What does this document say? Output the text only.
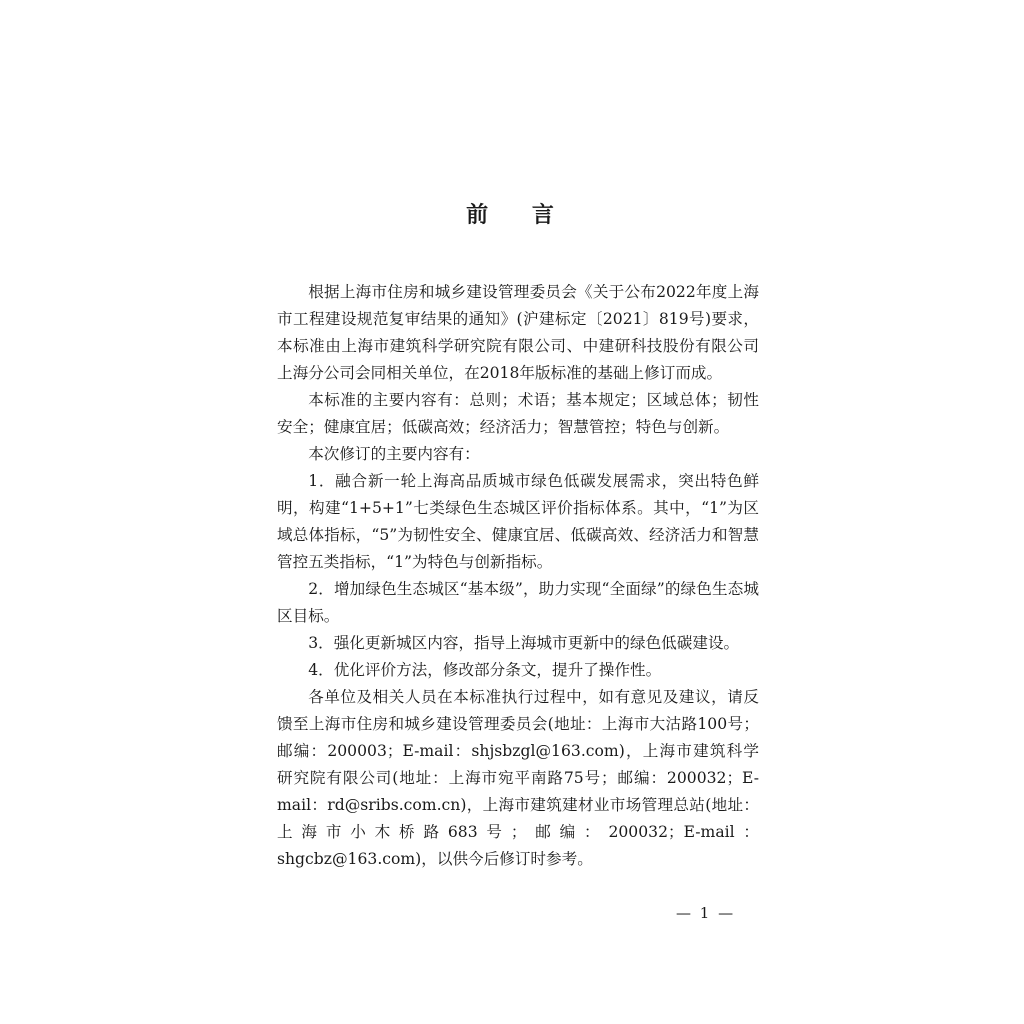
前 言

根据上海市住房和城乡建设管理委员会《关于公布2022年度上海市工程建设规范复审结果的通知》(沪建标定〔2021〕819号)要求，本标准由上海市建筑科学研究院有限公司、中建研科技股份有限公司上海分公司会同相关单位，在2018年版标准的基础上修订而成。

本标准的主要内容有：总则；术语；基本规定；区域总体；韧性安全；健康宜居；低碳高效；经济活力；智慧管控；特色与创新。

本次修订的主要内容有：

1．融合新一轮上海高品质城市绿色低碳发展需求，突出特色鲜明，构建“1+5+1”七类绿色生态城区评价指标体系。其中，“1”为区域总体指标，“5”为韧性安全、健康宜居、低碳高效、经济活力和智慧管控五类指标，“1”为特色与创新指标。

2．增加绿色生态城区“基本级”，助力实现“全面绿”的绿色生态城区目标。

3．强化更新城区内容，指导上海城市更新中的绿色低碳建设。

4．优化评价方法，修改部分条文，提升了操作性。

各单位及相关人员在本标准执行过程中，如有意见及建议，请反馈至上海市住房和城乡建设管理委员会(地址：上海市大沽路100号；邮编：200003；E-mail：shjsbzgl@163.com)，上海市建筑科学研究院有限公司(地址：上海市宛平南路75号；邮编：200032；E-mail：rd@sribs.com.cn)，上海市建筑建材业市场管理总站(地址：上海市小木桥路683号；邮编：200032；E-mail：shgcbz@163.com)，以供今后修订时参考。

— 1 —
